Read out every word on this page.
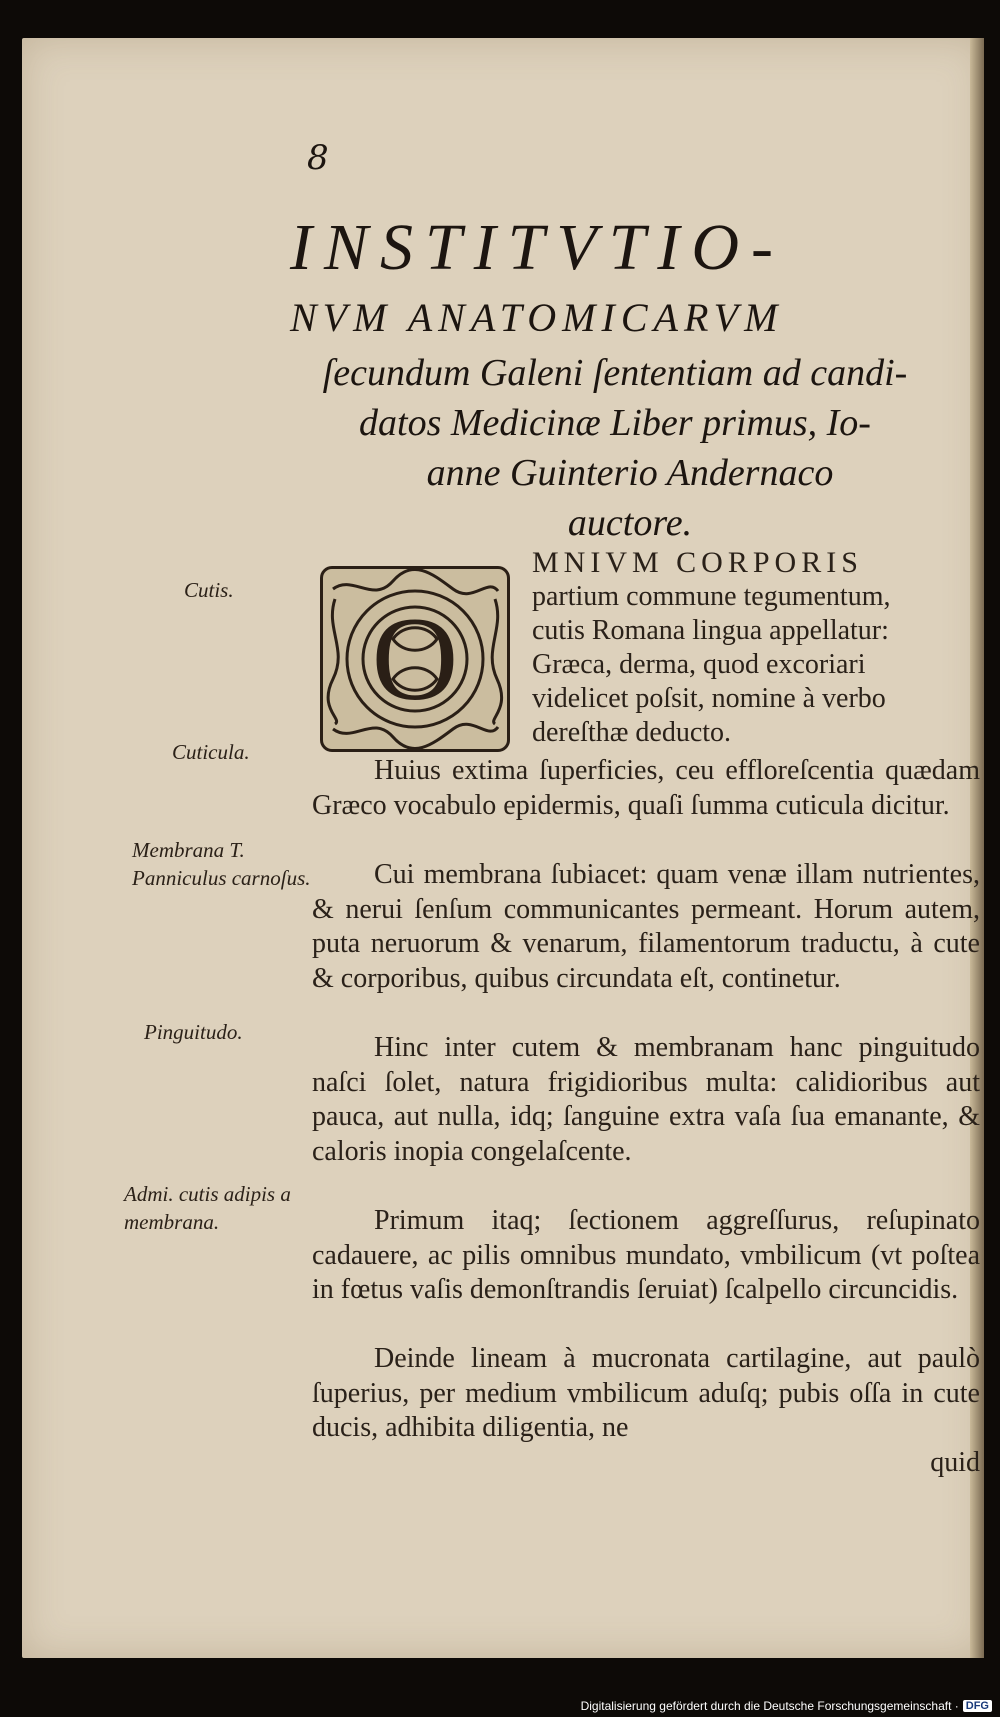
8
INSTITVTIO-
NVM ANATOMICARVM
ſecundum Galeni ſententiam ad candi-
datos Medicinæ Liber primus, Io-
anne Guinterio Andernaco
auctore.
O
MNIVM CORPORIS
partium commune tegumentum,
cutis Romana lingua appellatur:
Græca, derma, quod excoriari
videlicet poſsit, nomine à verbo
dereſthæ deducto.

Huius extima ſuperficies, ceu efflorеſcentia quædam Græco vocabulo epidermis, quaſi ſumma cuticula dicitur.

Cui membrana ſubiacet: quam venæ illam nutrientes, & nerui ſenſum communicantes permeant. Horum autem, puta neruorum & venarum, filamentorum traductu, à cute & corporibus, quibus circundata eſt, continetur.

Hinc inter cutem & membranam hanc pinguitudo naſci ſolet, natura frigidioribus multa: calidioribus aut pauca, aut nulla, idq; ſanguine extra vaſa ſua emanante, & caloris inopia congelaſcente.

Primum itaq; ſectionem aggreſſurus, reſupinato cadauere, ac pilis omnibus mundato, vmbilicum (vt poſtea in fœtus vaſis demonſtrandis ſeruiat) ſcalpello circuncidis.

Deinde lineam à mucronata cartilagine, aut paulò ſuperius, per medium vmbilicum aduſq; pubis oſſa in cute ducis, adhibita diligentia, ne

quid

Cutis.
Cuticula.
Membrana T. Panniculus carnoſus.
Pinguitudo.
Admi. cutis adipis a membrana.
Digitalisierung gefördert durch die Deutsche Forschungsgemeinschaft · DFG
